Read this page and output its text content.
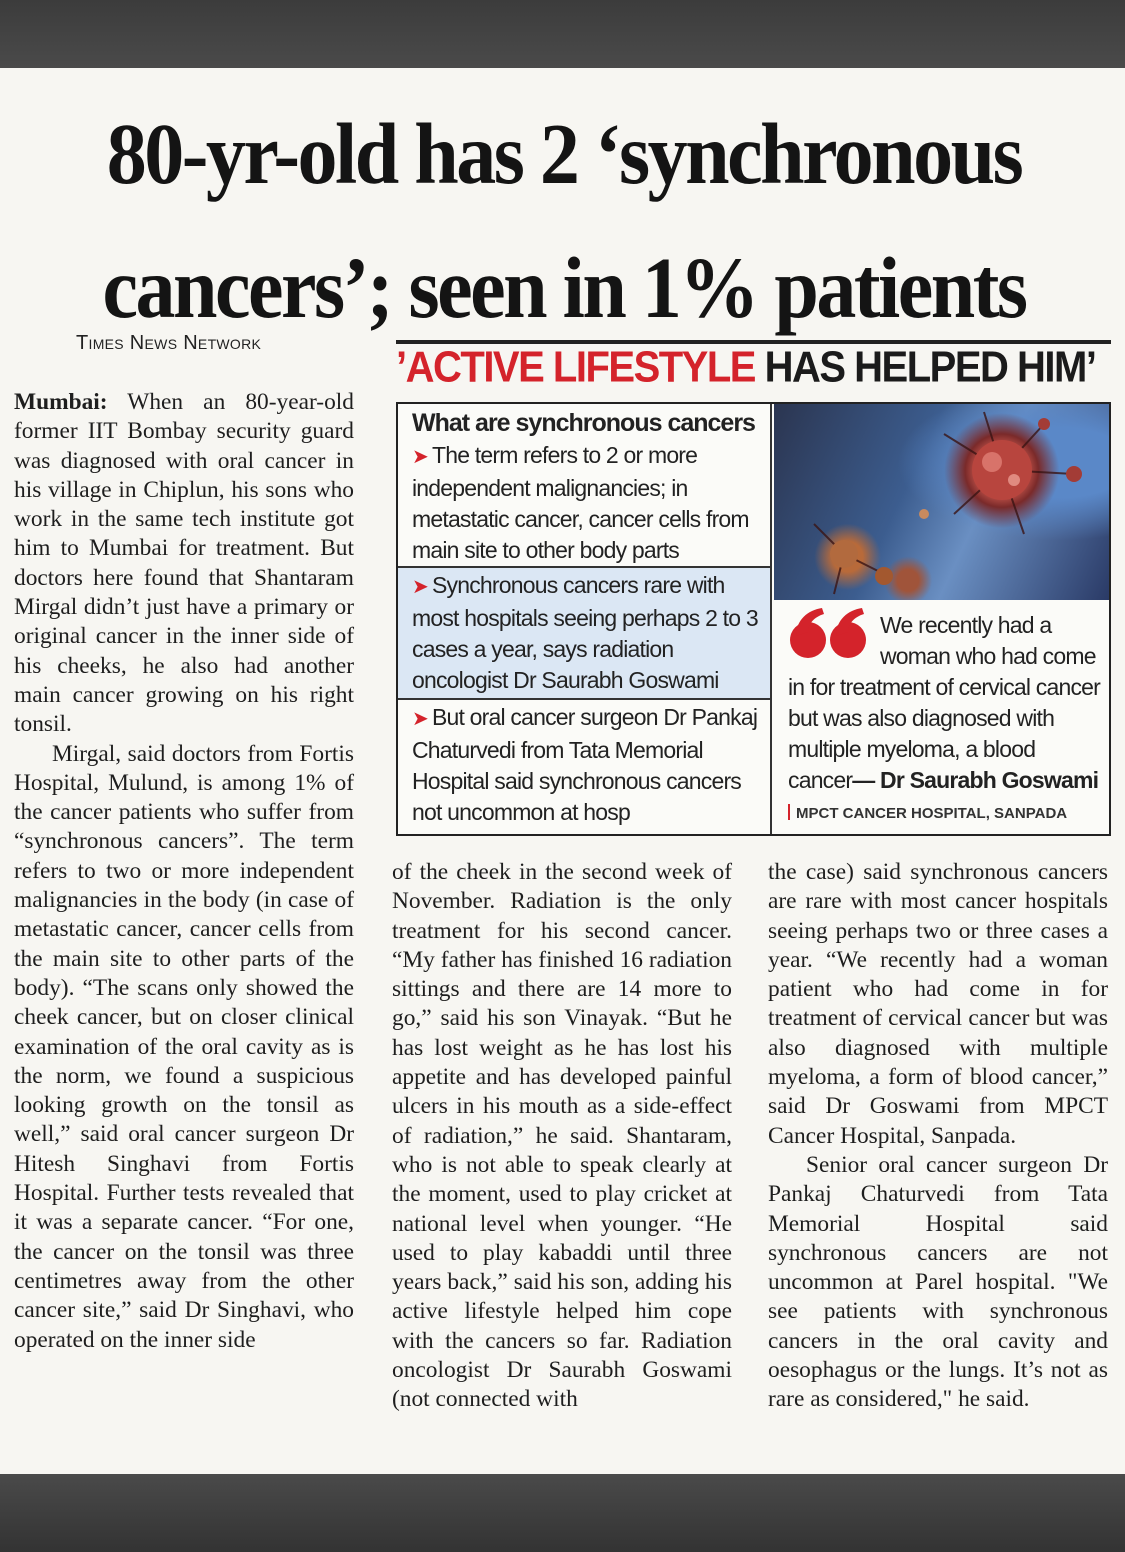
80-yr-old has 2 ‘synchronous
cancers’; seen in 1% patients
Times News Network

Mumbai: When an 80-year-old former IIT Bombay security guard was diagnosed with oral cancer in his village in Chiplun, his sons who work in the same tech institute got him to Mumbai for treatment. But doctors here found that Shantaram Mirgal didn’t just have a primary or original cancer in the inner side of his cheeks, he also had another main cancer growing on his right tonsil.

Mirgal, said doctors from Fortis Hospital, Mulund, is among 1% of the cancer patients who suffer from “synchronous cancers”. The term refers to two or more independent malignancies in the body (in case of metastatic cancer, cancer cells from the main site to other parts of the body). “The scans only showed the cheek cancer, but on closer clinical examination of the oral cavity as is the norm, we found a suspicious looking growth on the tonsil as well,” said oral cancer surgeon Dr Hitesh Singhavi from Fortis Hospital. Further tests revealed that it was a separate cancer. “For one, the cancer on the tonsil was three centimetres away from the other cancer site,” said Dr Singhavi, who operated on the inner side

’ACTIVE LIFESTYLE HAS HELPED HIM’
What are synchronous cancers
➤ The term refers to 2 or more independent malignancies; in metastatic cancer, cancer cells from main site to other body parts
➤ Synchronous cancers rare with most hospitals seeing perhaps 2 to 3 cases a year, says radiation oncologist Dr Saurabh Goswami
➤ But oral cancer surgeon Dr Pankaj Chaturvedi from Tata Memorial Hospital said synchronous cancers not uncommon at hosp
We recently had a woman who had come
in for treatment of cervical cancer but was also diagnosed with multiple myeloma, a blood cancer— Dr Saurabh Goswami
MPCT CANCER HOSPITAL, SANPADA

of the cheek in the second week of November. Radiation is the only treatment for his second cancer. “My father has finished 16 radiation sittings and there are 14 more to go,” said his son Vinayak. “But he has lost weight as he has lost his appetite and has developed painful ulcers in his mouth as a side-effect of radiation,” he said. Shantaram, who is not able to speak clearly at the moment, used to play cricket at national level when younger. “He used to play kabaddi until three years back,” said his son, adding his active lifestyle helped him cope with the cancers so far. Radiation oncologist Dr Saurabh Goswami (not connected with

the case) said synchronous cancers are rare with most cancer hospitals seeing perhaps two or three cases a year. “We recently had a woman patient who had come in for treatment of cervical cancer but was also diagnosed with multiple myeloma, a form of blood cancer,” said Dr Goswami from MPCT Cancer Hospital, Sanpada.

Senior oral cancer surgeon Dr Pankaj Chaturvedi from Tata Memorial Hospital said synchronous cancers are not uncommon at Parel hospital. "We see patients with synchronous cancers in the oral cavity and oesophagus or the lungs. It’s not as rare as considered," he said.
